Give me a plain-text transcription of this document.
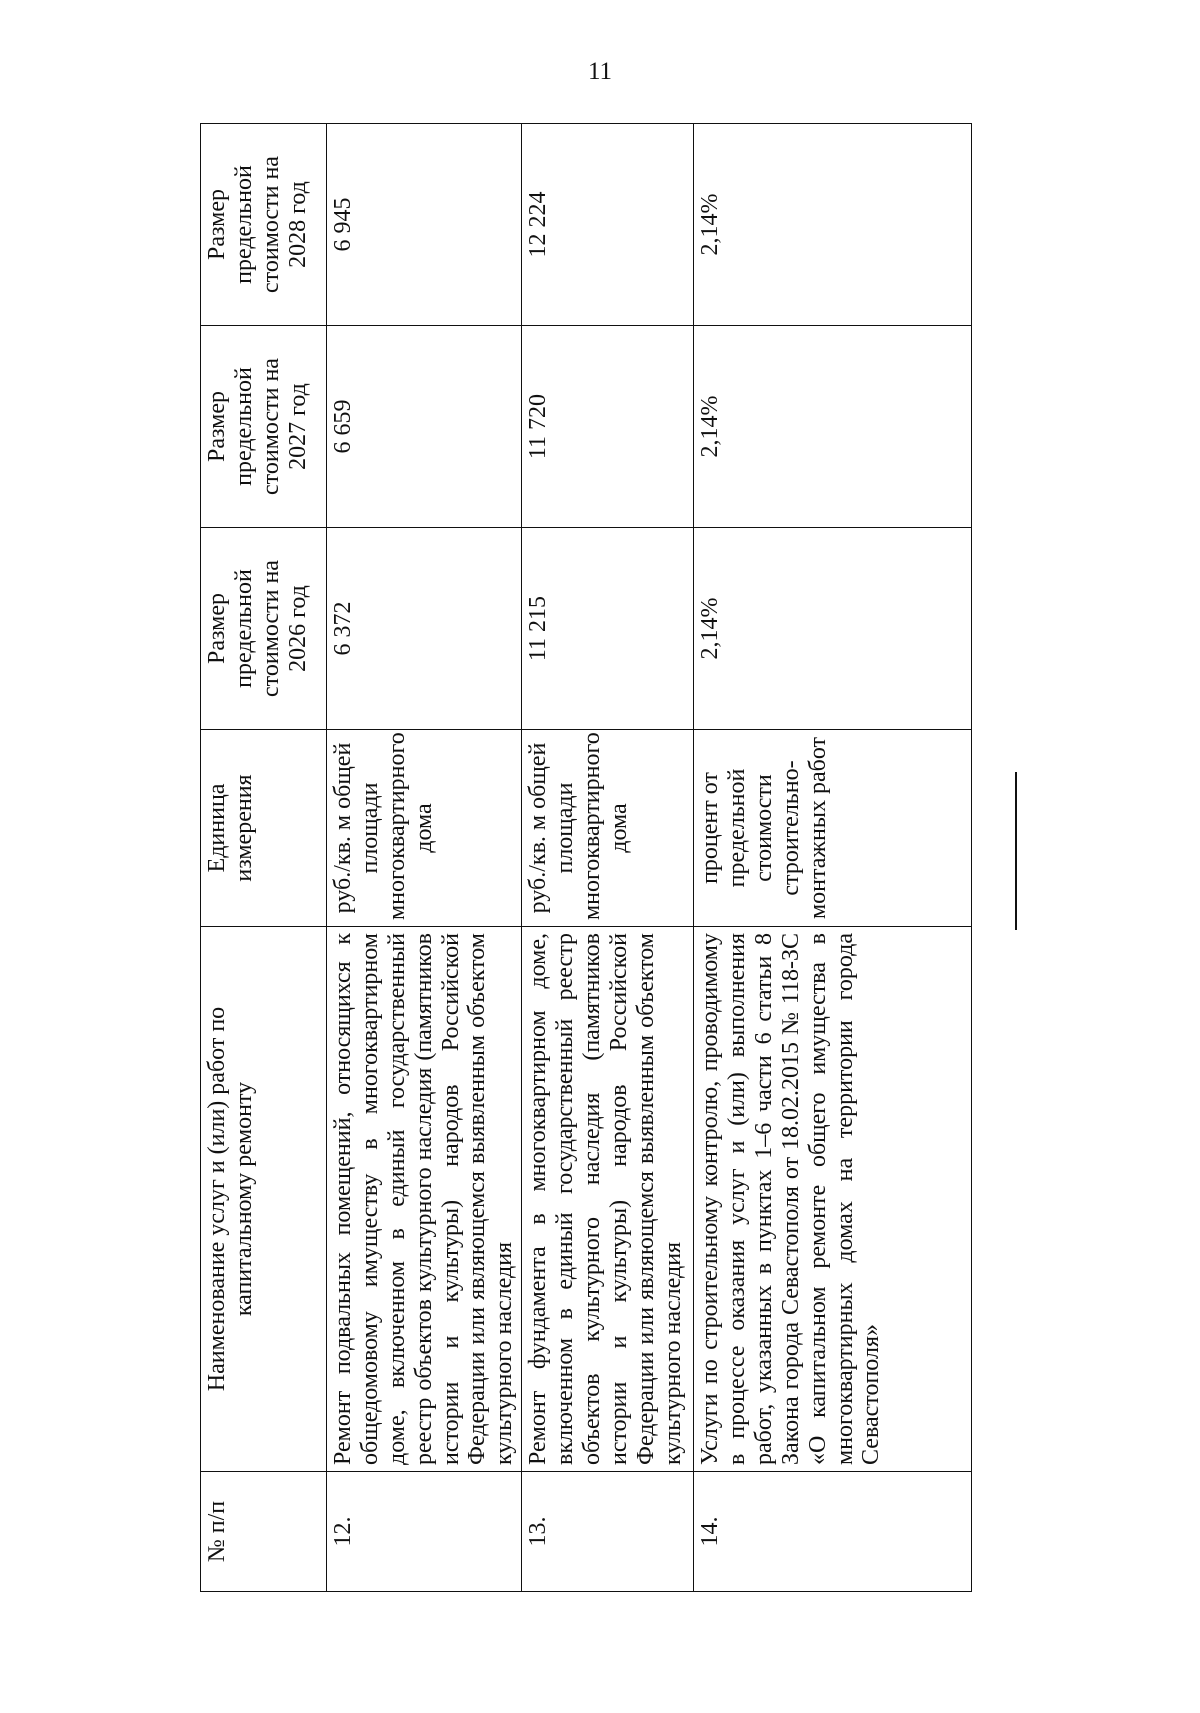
11
№ п/п	Наименование услуг и (или) работ по капитальному ремонту	Единица измерения	Размер предельной стоимости на 2026 год	Размер предельной стоимости на 2027 год	Размер предельной стоимости на 2028 год
12.	Ремонт подвальных помещений, относящихся к общедомовому имуществу в многоквартирном доме, включенном в единый государственный реестр объектов культурного наследия (памятников истории и культуры) народов Российской Федерации или являющемся выявленным объектом культурного наследия	руб./кв. м общей площади многоквартирного дома	6 372	6 659	6 945
13.	Ремонт фундамента в многоквартирном доме, включенном в единый государственный реестр объектов культурного наследия (памятников истории и культуры) народов Российской Федерации или являющемся выявленным объектом культурного наследия	руб./кв. м общей площади многоквартирного дома	11 215	11 720	12 224
14.	Услуги по строительному контролю, проводимому в процессе оказания услуг и (или) выполнения работ, указанных в пунктах 1–6 части 6 статьи 8 Закона города Севастополя от 18.02.2015 № 118-ЗС «О капитальном ремонте общего имущества в многоквартирных домах на территории города Севастополя»	процент от предельной стоимости строительно-монтажных работ	2,14%	2,14%	2,14%
